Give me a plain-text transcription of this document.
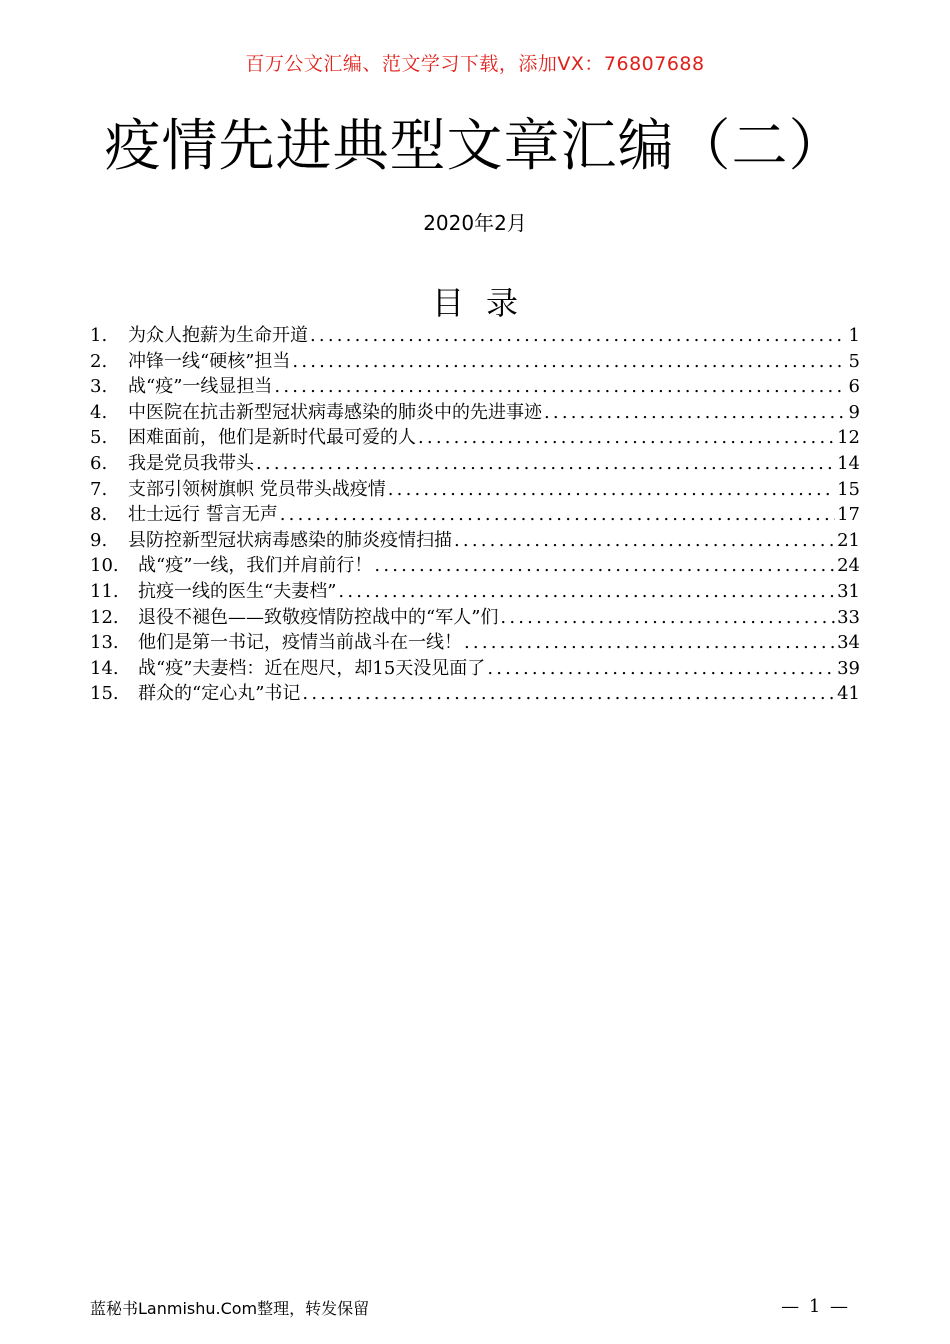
百万公文汇编、范文学习下载，添加VX：76807688
疫情先进典型文章汇编（二）
2020年2月
目录
1.	为众人抱薪为生命开道 .....	1
2.	冲锋一线“硬核”担当 .....	5
3.	战“疫”一线显担当 .....	6
4.	中医院在抗击新型冠状病毒感染的肺炎中的先进事迹 .....	9
5.	困难面前，他们是新时代最可爱的人 .....	12
6.	我是党员我带头 .....	14
7.	支部引领树旗帜 党员带头战疫情 .....	15
8.	壮士远行 誓言无声 .....	17
9.	县防控新型冠状病毒感染的肺炎疫情扫描 .....	21
10.	战“疫”一线，我们并肩前行！ .....	24
11.	抗疫一线的医生“夫妻档” .....	31
12.	退役不褪色——致敬疫情防控战中的“军人”们 .....	33
13.	他们是第一书记，疫情当前战斗在一线！ .....	34
14.	战“疫”夫妻档：近在咫尺，却15天没见面了 .....	39
15.	群众的“定心丸”书记 .....	41
蓝秘书Lanmishu.Com整理，转发保留	— 1 —
